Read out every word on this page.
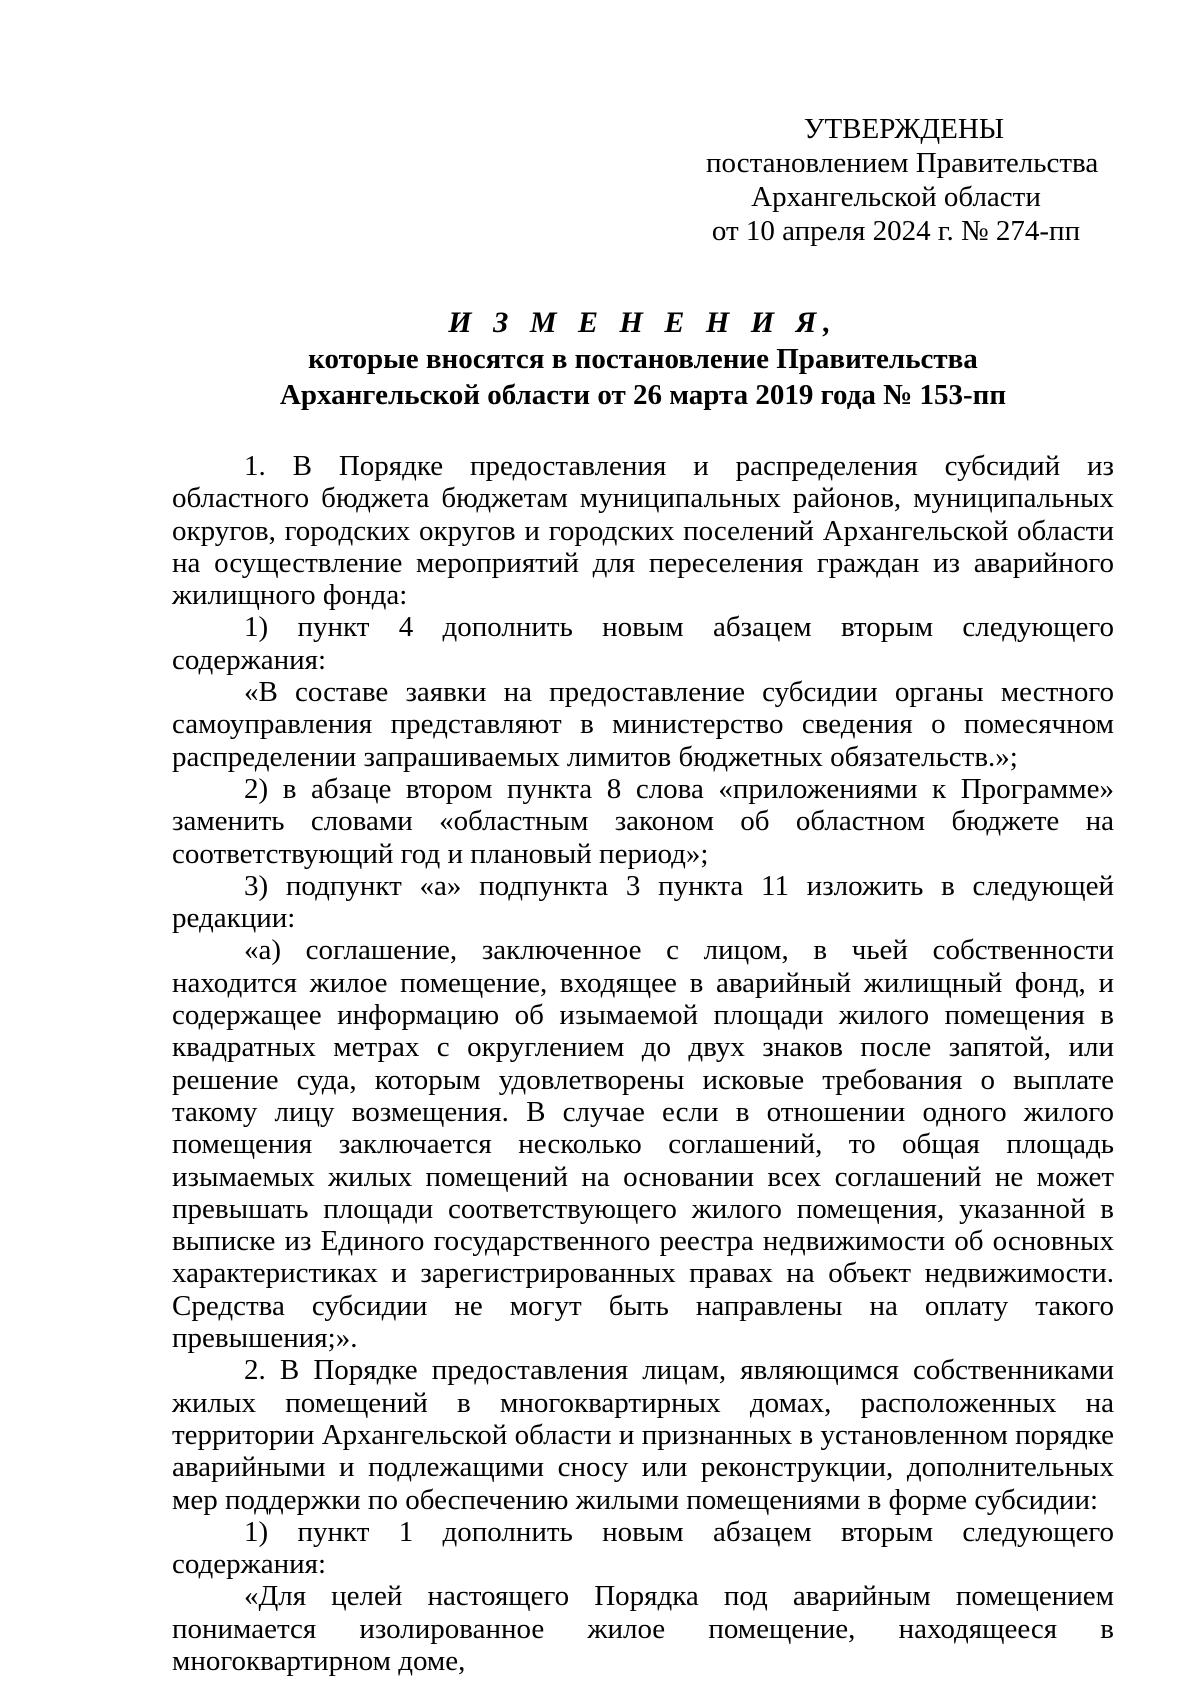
УТВЕРЖДЕНЫ
постановлением Правительства
Архангельской области
от 10 апреля 2024 г. № 274-пп
И З М Е Н Е Н И Я,
которые вносятся в постановление Правительства
Архангельской области от 26 марта 2019 года № 153-пп

1. В Порядке предоставления и распределения субсидий из областного бюджета бюджетам муниципальных районов, муниципальных округов, городских округов и городских поселений Архангельской области на осуществление мероприятий для переселения граждан из аварийного жилищного фонда:

1) пункт 4 дополнить новым абзацем вторым следующего содержания:

«В составе заявки на предоставление субсидии органы местного самоуправления представляют в министерство сведения о помесячном распределении запрашиваемых лимитов бюджетных обязательств.»;

2) в абзаце втором пункта 8 слова «приложениями к Программе» заменить словами «областным законом об областном бюджете на соответствующий год и плановый период»;

3) подпункт «а» подпункта 3 пункта 11 изложить в следующей редакции:

«а) соглашение, заключенное с лицом, в чьей собственности находится жилое помещение, входящее в аварийный жилищный фонд, и содержащее информацию об изымаемой площади жилого помещения в квадратных метрах с округлением до двух знаков после запятой, или решение суда, которым удовлетворены исковые требования о выплате такому лицу возмещения. В случае если в отношении одного жилого помещения заключается несколько соглашений, то общая площадь изымаемых жилых помещений на основании всех соглашений не может превышать площади соответствующего жилого помещения, указанной в выписке из Единого государственного реестра недвижимости об основных характеристиках и зарегистрированных правах на объект недвижимости. Средства субсидии не могут быть направлены на оплату такого превышения;».

2. В Порядке предоставления лицам, являющимся собственниками жилых помещений в многоквартирных домах, расположенных на территории Архангельской области и признанных в установленном порядке аварийными и подлежащими сносу или реконструкции, дополнительных мер поддержки по обеспечению жилыми помещениями в форме субсидии:

1) пункт 1 дополнить новым абзацем вторым следующего содержания:

«Для целей настоящего Порядка под аварийным помещением понимается изолированное жилое помещение, находящееся в многоквартирном доме,
